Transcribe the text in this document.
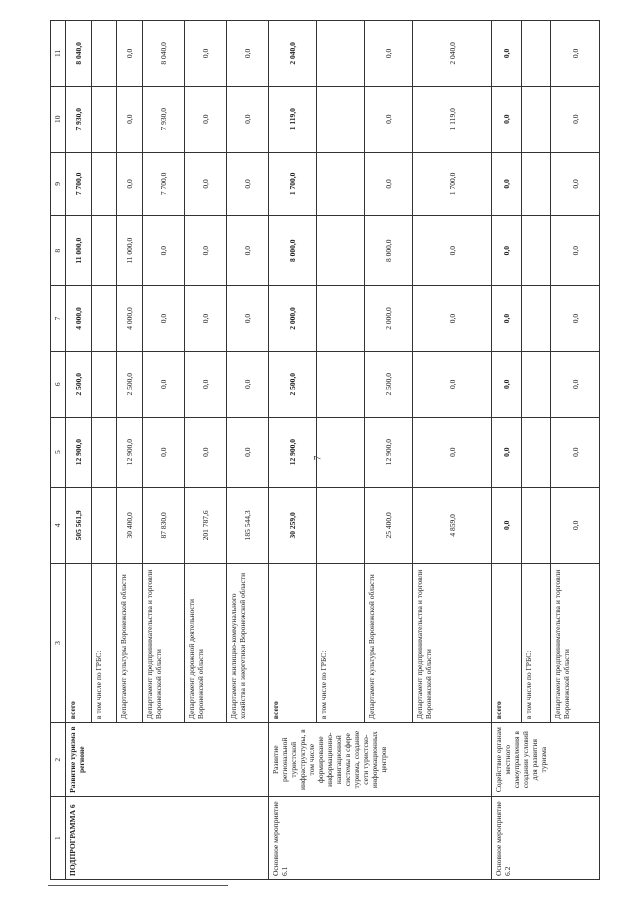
7
1	2	3	4	5	6	7	8	9	10	11
ПОДПРОГРАММА 6	Развитие туризма в регионе	всего	505 561,9	12 900,0	2 500,0	4 000,0	11 000,0	7 700,0	7 930,0	8 040,0
		в том числе по ГРБС:								
		Департамент культуры Воронежской области	30 400,0	12 900,0	2 500,0	4 000,0	11 000,0	0,0	0,0	0,0
		Департамент предпринимательства и торговли Воронежской области	87 830,0	0,0	0,0	0,0	0,0	7 700,0	7 930,0	8 040,0
		Департамент дорожной деятельности Воронежской области	201 787,6	0,0	0,0	0,0	0,0	0,0	0,0	0,0
		Департамент жилищно-коммунального хозяйства и энергетики Воронежской области	185 544,3	0,0	0,0	0,0	0,0	0,0	0,0	0,0
Основное мероприятие 6.1	Развитие региональной туристской инфраструктуры, в том числе формирование информационно-навигационной системы в сфере туризма, создание сети туристско-информационных центров	всего	30 259,0	12 900,0	2 500,0	2 000,0	8 000,0	1 700,0	1 119,0	2 040,0
		в том числе по ГРБС:								
		Департамент культуры Воронежской области	25 400,0	12 900,0	2 500,0	2 000,0	8 000,0	0,0	0,0	0,0
		Департамент предпринимательства и торговли Воронежской области	4 859,0	0,0	0,0	0,0	0,0	1 700,0	1 119,0	2 040,0
Основное мероприятие 6.2	Содействие органам местного самоуправления в создании условий для развития туризма	всего	0,0	0,0	0,0	0,0	0,0	0,0	0,0	0,0
		в том числе по ГРБС:								
		Департамент предпринимательства и торговли Воронежской области	0,0	0,0	0,0	0,0	0,0	0,0	0,0	0,0
